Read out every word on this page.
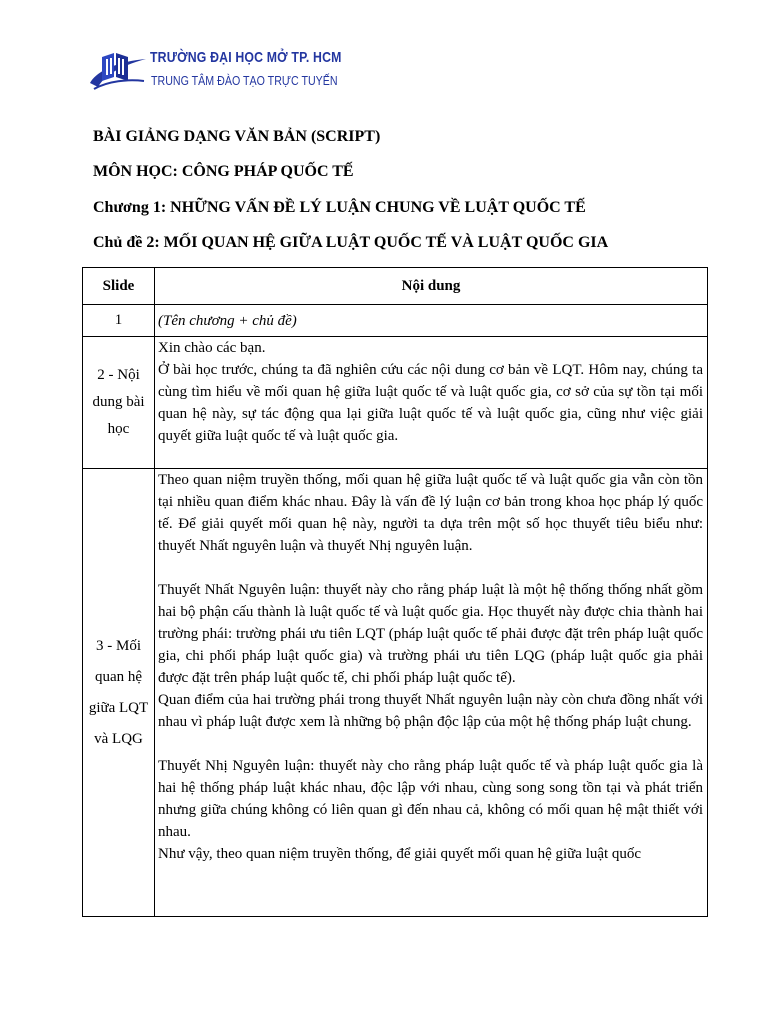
TRƯỜNG ĐẠI HỌC MỞ TP. HCM
TRUNG TÂM ĐÀO TẠO TRỰC TUYẾN
BÀI GIẢNG DẠNG VĂN BẢN (SCRIPT)
MÔN HỌC: CÔNG PHÁP QUỐC TẾ
Chương 1: NHỮNG VẤN ĐỀ LÝ LUẬN CHUNG VỀ LUẬT QUỐC TẾ
Chủ đề 2: MỐI QUAN HỆ GIỮA LUẬT QUỐC TẾ VÀ LUẬT QUỐC GIA
Slide	Nội dung
1	(Tên chương + chủ đề)

2 - Nội dung bài học	Xin chào các bạn.

Ở bài học trước, chúng ta đã nghiên cứu các nội dung cơ bản về LQT. Hôm nay, chúng ta cùng tìm hiểu về mối quan hệ giữa luật quốc tế và luật quốc gia, cơ sở của sự tồn tại mối quan hệ này, sự tác động qua lại giữa luật quốc tế và luật quốc gia, cũng như việc giải quyết giữa luật quốc tế và luật quốc gia.

3 - Mối quan hệ giữa LQT và LQG	Theo quan niệm truyền thống, mối quan hệ giữa luật quốc tế và luật quốc gia vẫn còn tồn tại nhiều quan điểm khác nhau. Đây là vấn đề lý luận cơ bản trong khoa học pháp lý quốc tế. Để giải quyết mối quan hệ này, người ta dựa trên một số học thuyết tiêu biểu như: thuyết Nhất nguyên luận và thuyết Nhị nguyên luận.

Thuyết Nhất Nguyên luận: thuyết này cho rằng pháp luật là một hệ thống thống nhất gồm hai bộ phận cấu thành là luật quốc tế và luật quốc gia. Học thuyết này được chia thành hai trường phái: trường phái ưu tiên LQT (pháp luật quốc tế phải được đặt trên pháp luật quốc gia, chi phối pháp luật quốc gia) và trường phái ưu tiên LQG (pháp luật quốc gia phải được đặt trên pháp luật quốc tế, chi phối pháp luật quốc tế).

Quan điểm của hai trường phái trong thuyết Nhất nguyên luận này còn chưa đồng nhất với nhau vì pháp luật được xem là những bộ phận độc lập của một hệ thống pháp luật chung.

Thuyết Nhị Nguyên luận: thuyết này cho rằng pháp luật quốc tế và pháp luật quốc gia là hai hệ thống pháp luật khác nhau, độc lập với nhau, cùng song song tồn tại và phát triển nhưng giữa chúng không có liên quan gì đến nhau cả, không có mối quan hệ mật thiết với nhau.

Như vậy, theo quan niệm truyền thống, để giải quyết mối quan hệ giữa luật quốc
